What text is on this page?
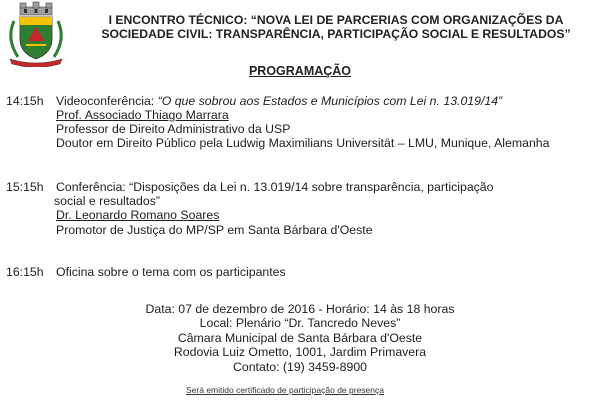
I ENCONTRO TÉCNICO: “NOVA LEI DE PARCERIAS COM ORGANIZAÇÕES DA
SOCIEDADE CIVIL: TRANSPARÊNCIA, PARTICIPAÇÃO SOCIAL E RESULTADOS”
PROGRAMAÇÃO
14:15h Videoconferência: “O que sobrou aos Estados e Municípios com Lei n. 13.019/14”
Prof. Associado Thiago Marrara
Professor de Direito Administrativo da USP
Doutor em Direito Público pela Ludwig Maximilians Universität – LMU, Munique, Alemanha
15:15h Conferência: “Disposições da Lei n. 13.019/14 sobre transparência, participação
social e resultados”
Dr. Leonardo Romano Soares
Promotor de Justiça do MP/SP em Santa Bárbara d'Oeste
16:15h Oficina sobre o tema com os participantes
Data: 07 de dezembro de 2016 - Horário: 14 às 18 horas
Local: Plenário “Dr. Tancredo Neves”
Câmara Municipal de Santa Bárbara d'Oeste
Rodovia Luiz Ometto, 1001, Jardim Primavera
Contato: (19) 3459-8900
Será emitido certificado de participação de presença
